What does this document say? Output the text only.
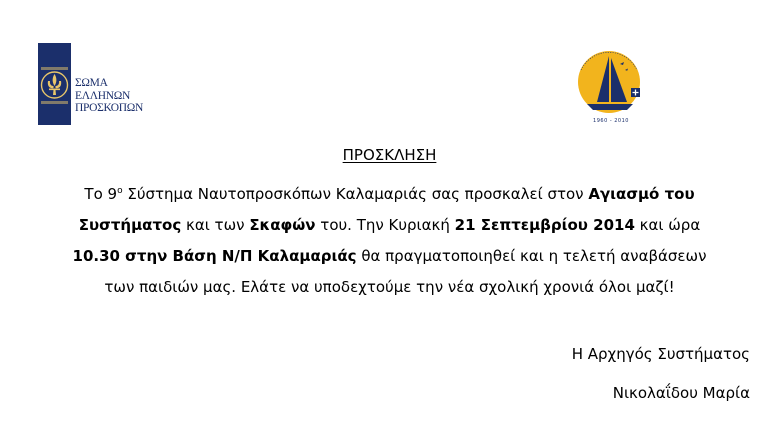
ΣΩΜΑ
ΕΛΛΗΝΩΝ
ΠΡΟΣΚΟΠΩΝ
1960 - 2010
ΠΡΟΣΚΛΗΣΗ
Το $9^o$ Σύστημα Ναυτοπροσκόπων Καλαμαριάς σας προσκαλεί στον Αγιασμό του
Συστήματος και των Σκαφών του. Την Κυριακή 21 Σεπτεμβρίου 2014 και ώρα
10.30 στην Βάση Ν/Π Καλαμαριάς θα πραγματοποιηθεί και η τελετή αναβάσεων
των παιδιών μας. Ελάτε να υποδεχτούμε την νέα σχολική χρονιά όλοι μαζί!
Η Αρχηγός Συστήματος
Νικολαΐδου Μαρία
